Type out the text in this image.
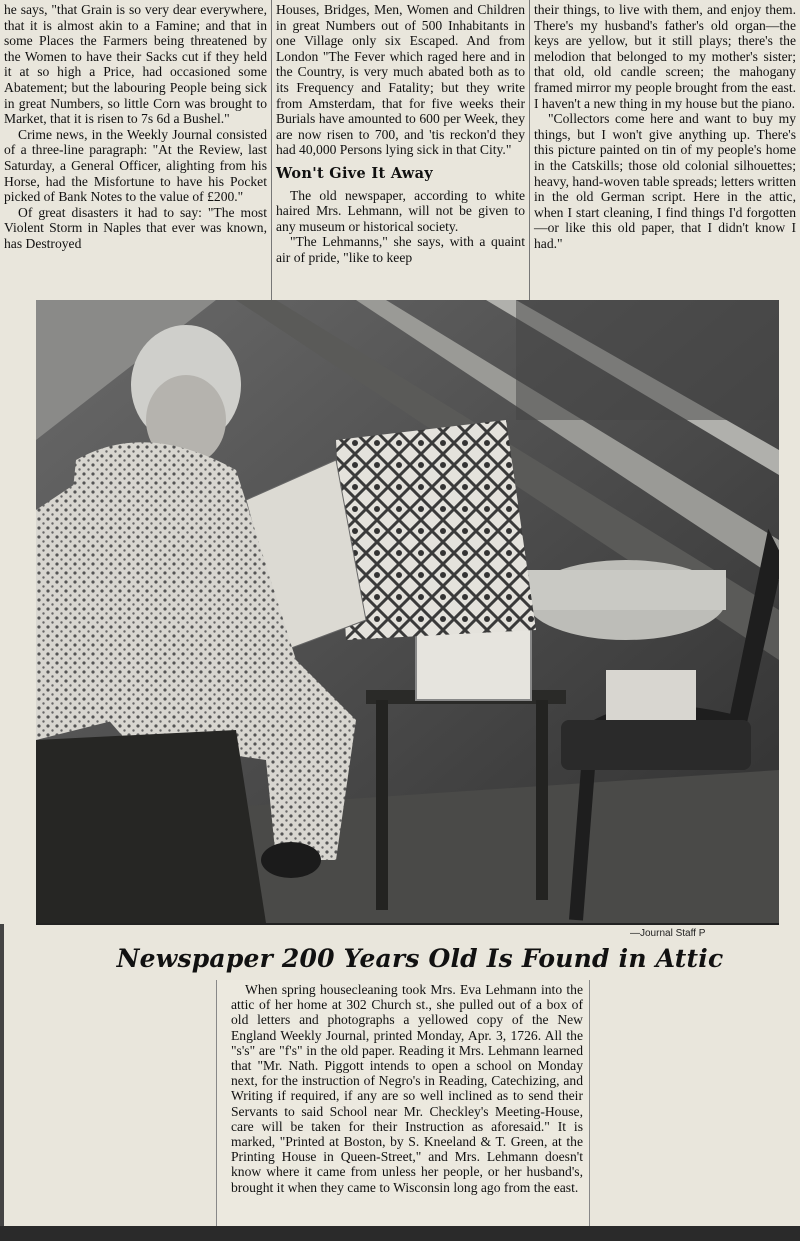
he says, "that Grain is so very dear everywhere, that it is almost akin to a Famine; and that in some Places the Farmers being threatened by the Women to have their Sacks cut if they held it at so high a Price, had occasioned some Abatement; but the labouring People being sick in great Numbers, so little Corn was brought to Market, that it is risen to 7s 6d a Bushel."

Crime news, in the Weekly Journal consisted of a three-line paragraph: "At the Review, last Saturday, a General Officer, alighting from his Horse, had the Misfortune to have his Pocket picked of Bank Notes to the value of £200."

Of great disasters it had to say: "The most Violent Storm in Naples that ever was known, has Destroyed

Houses, Bridges, Men, Women and Children in great Numbers out of 500 Inhabitants in one Village only six Escaped. And from London "The Fever which raged here and in the Country, is very much abated both as to its Frequency and Fatality; but they write from Amsterdam, that for five weeks their Burials have amounted to 600 per Week, they are now risen to 700, and 'tis reckon'd they had 40,000 Persons lying sick in that City."

Won't Give It Away

The old newspaper, according to white haired Mrs. Lehmann, will not be given to any museum or historical society.

"The Lehmanns," she says, with a quaint air of pride, "like to keep

their things, to live with them, and enjoy them. There's my husband's father's old organ—the keys are yellow, but it still plays; there's the melodion that belonged to my mother's sister; that old, old candle screen; the mahogany framed mirror my people brought from the east. I haven't a new thing in my house but the piano.

"Collectors come here and want to buy my things, but I won't give anything up. There's this picture painted on tin of my people's home in the Catskills; those old colonial silhouettes; heavy, hand-woven table spreads; letters written in the old German script. Here in the attic, when I start cleaning, I find things I'd forgotten—or like this old paper, that I didn't know I had."

—Journal Staff P
Newspaper 200 Years Old Is Found in Attic

When spring housecleaning took Mrs. Eva Lehmann into the attic of her home at 302 Church st., she pulled out of a box of old letters and photographs a yellowed copy of the New England Weekly Journal, printed Monday, Apr. 3, 1726. All the "s's" are "f's" in the old paper. Reading it Mrs. Lehmann learned that "Mr. Nath. Piggott intends to open a school on Monday next, for the instruction of Negro's in Reading, Catechizing, and Writing if required, if any are so well inclined as to send their Servants to said School near Mr. Checkley's Meeting-House, care will be taken for their Instruction as aforesaid." It is marked, "Printed at Boston, by S. Kneeland & T. Green, at the Printing House in Queen-Street," and Mrs. Lehmann doesn't know where it came from unless her people, or her husband's, brought it when they came to Wisconsin long ago from the east.
